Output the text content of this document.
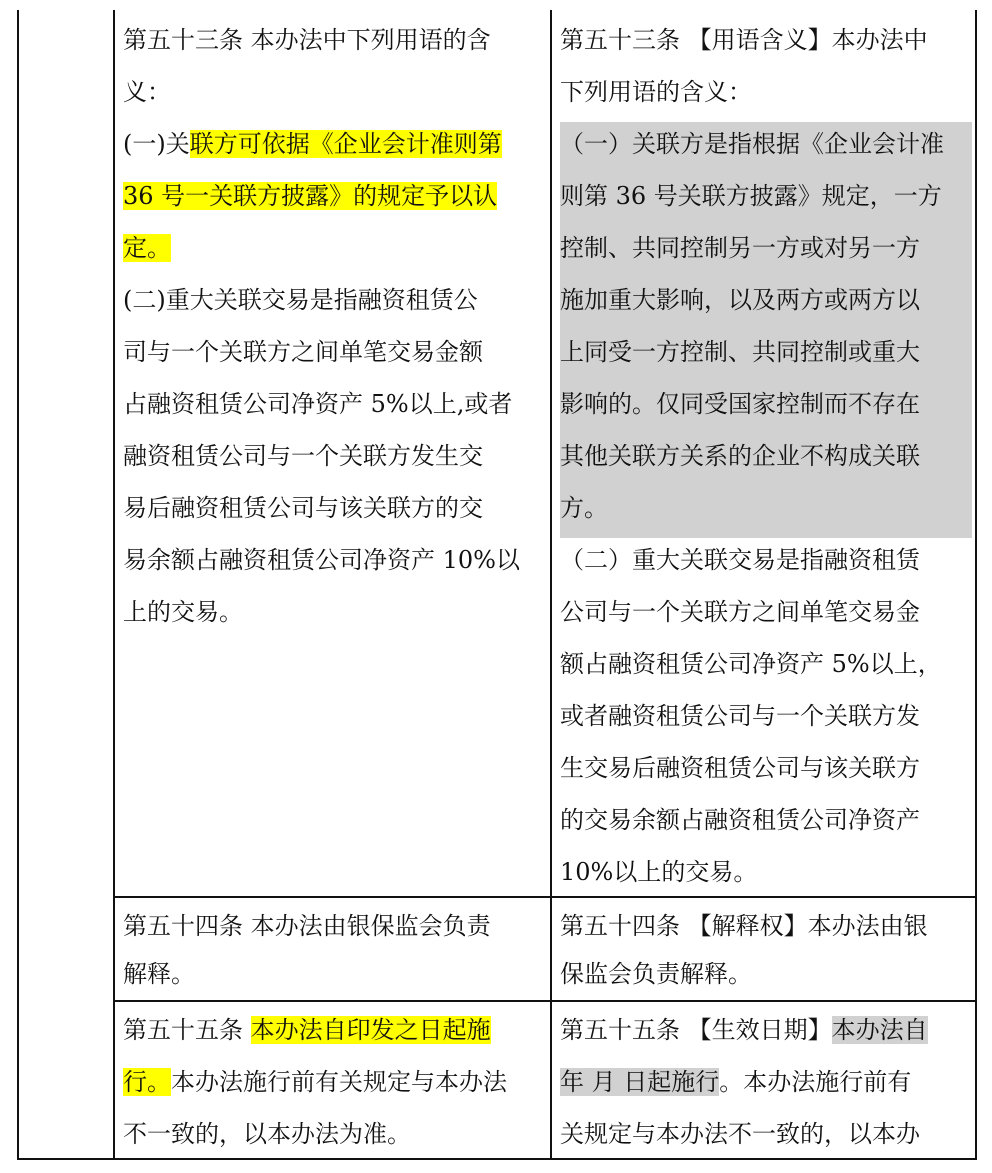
第五十三条 本办法中下列用语的含
义：
(一)关联方可依据《企业会计准则第
36 号一关联方披露》的规定予以认
定。
(二)重大关联交易是指融资租赁公
司与一个关联方之间单笔交易金额
占融资租赁公司净资产 5%以上,或者
融资租赁公司与一个关联方发生交
易后融资租赁公司与该关联方的交
易余额占融资租赁公司净资产 10%以
上的交易。
第五十三条 【用语含义】本办法中
下列用语的含义：
（一）关联方是指根据《企业会计准
则第 36 号关联方披露》规定，一方
控制、共同控制另一方或对另一方
施加重大影响，以及两方或两方以
上同受一方控制、共同控制或重大
影响的。仅同受国家控制而不存在
其他关联方关系的企业不构成关联
方。
（二）重大关联交易是指融资租赁
公司与一个关联方之间单笔交易金
额占融资租赁公司净资产 5%以上，
或者融资租赁公司与一个关联方发
生交易后融资租赁公司与该关联方
的交易余额占融资租赁公司净资产
10%以上的交易。
第五十四条 本办法由银保监会负责
解释。
第五十四条 【解释权】本办法由银
保监会负责解释。
第五十五条 本办法自印发之日起施
行。本办法施行前有关规定与本办法
不一致的，以本办法为准。
第五十五条 【生效日期】本办法自
年 月 日起施行。本办法施行前有
关规定与本办法不一致的，以本办
